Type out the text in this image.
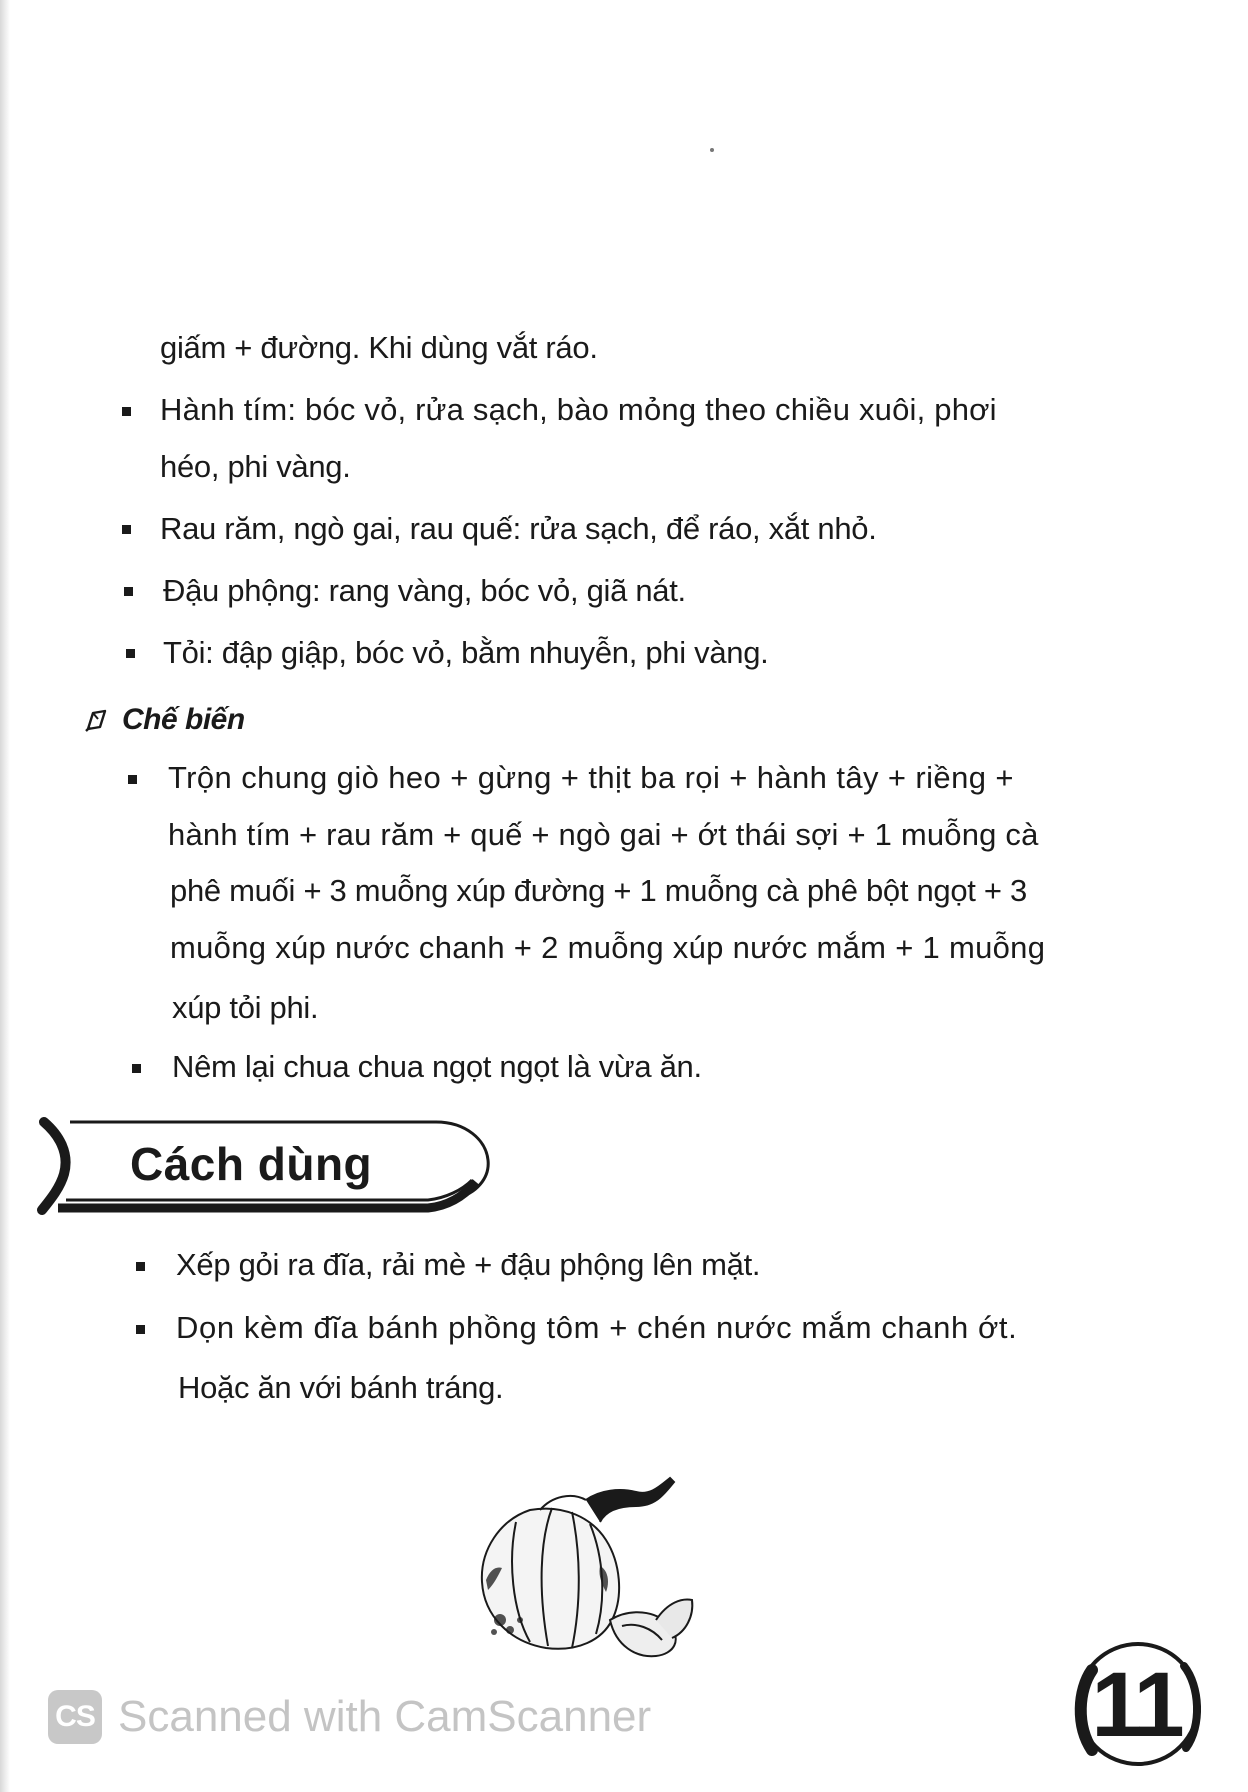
giấm + đường. Khi dùng vắt ráo.
Hành tím: bóc vỏ, rửa sạch, bào mỏng theo chiều xuôi, phơi
héo, phi vàng.
Rau răm, ngò gai, rau quế: rửa sạch, để ráo, xắt nhỏ.
Đậu phộng: rang vàng, bóc vỏ, giã nát.
Tỏi: đập giập, bóc vỏ, bằm nhuyễn, phi vàng.
Chế biến
Trộn chung giò heo + gừng + thịt ba rọi + hành tây + riềng +
hành tím + rau răm + quế + ngò gai + ớt thái sợi + 1 muỗng cà
phê muối + 3 muỗng xúp đường + 1 muỗng cà phê bột ngọt + 3
muỗng xúp nước chanh + 2 muỗng xúp nước mắm + 1 muỗng
xúp tỏi phi.
Nêm lại chua chua ngọt ngọt là vừa ăn.
Cách dùng
Xếp gỏi ra đĩa, rải mè + đậu phộng lên mặt.
Dọn kèm đĩa bánh phồng tôm + chén nước mắm chanh ớt.
Hoặc ăn với bánh tráng.
CS Scanned with CamScanner	11
